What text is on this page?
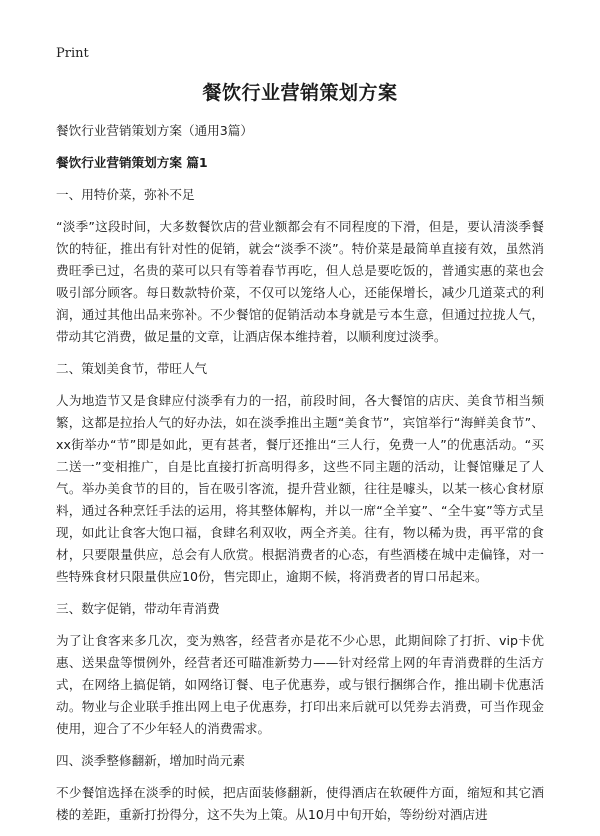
Print
餐饮行业营销策划方案

餐饮行业营销策划方案（通用3篇）

餐饮行业营销策划方案 篇1

一、用特价菜，弥补不足

“淡季”这段时间，大多数餐饮店的营业额都会有不同程度的下滑，但是，要认清淡季餐饮的特征，推出有针对性的促销，就会“淡季不淡”。特价菜是最简单直接有效，虽然消费旺季已过，名贵的菜可以只有等着春节再吃，但人总是要吃饭的，普通实惠的菜也会吸引部分顾客。每日数款特价菜，不仅可以笼络人心，还能保增长，减少几道菜式的利润，通过其他出品来弥补。不少餐馆的促销活动本身就是亏本生意，但通过拉拢人气，带动其它消费，做足量的文章，让酒店保本维持着，以顺利度过淡季。

二、策划美食节，带旺人气

人为地造节又是食肆应付淡季有力的一招，前段时间，各大餐馆的店庆、美食节相当频繁，这都是拉抬人气的好办法，如在淡季推出主题“美食节”，宾馆举行“海鲜美食节”、xx街举办“节”即是如此，更有甚者，餐厅还推出“三人行，免费一人”的优惠活动。“买二送一”变相推广，自是比直接打折高明得多，这些不同主题的活动，让餐馆赚足了人气。举办美食节的目的，旨在吸引客流，提升营业额，往往是噱头，以某一核心食材原料，通过各种烹饪手法的运用，将其整体解构，并以一席“全羊宴”、“全牛宴”等方式呈现，如此让食客大饱口福，食肆名利双收，两全齐美。往有，物以稀为贵，再平常的食材，只要限量供应，总会有人欣赏。根据消费者的心态，有些酒楼在城中走偏锋，对一些特殊食材只限量供应10份，售完即止，逾期不候，将消费者的胃口吊起来。

三、数字促销，带动年青消费

为了让食客来多几次，变为熟客，经营者亦是花不少心思，此期间除了打折、vip卡优惠、送果盘等惯例外，经营者还可瞄准新势力——针对经常上网的年青消费群的生活方式，在网络上搞促销，如网络订餐、电子优惠券，或与银行捆绑合作，推出刷卡优惠活动。物业与企业联手推出网上电子优惠券，打印出来后就可以凭券去消费，可当作现金使用，迎合了不少年轻人的消费需求。

四、淡季整修翻新，增加时尚元素

不少餐馆选择在淡季的时候，把店面装修翻新，使得酒店在软硬件方面，缩短和其它酒楼的差距，重新打扮得分，这不失为上策。从10月中旬开始，等纷纷对酒店进
